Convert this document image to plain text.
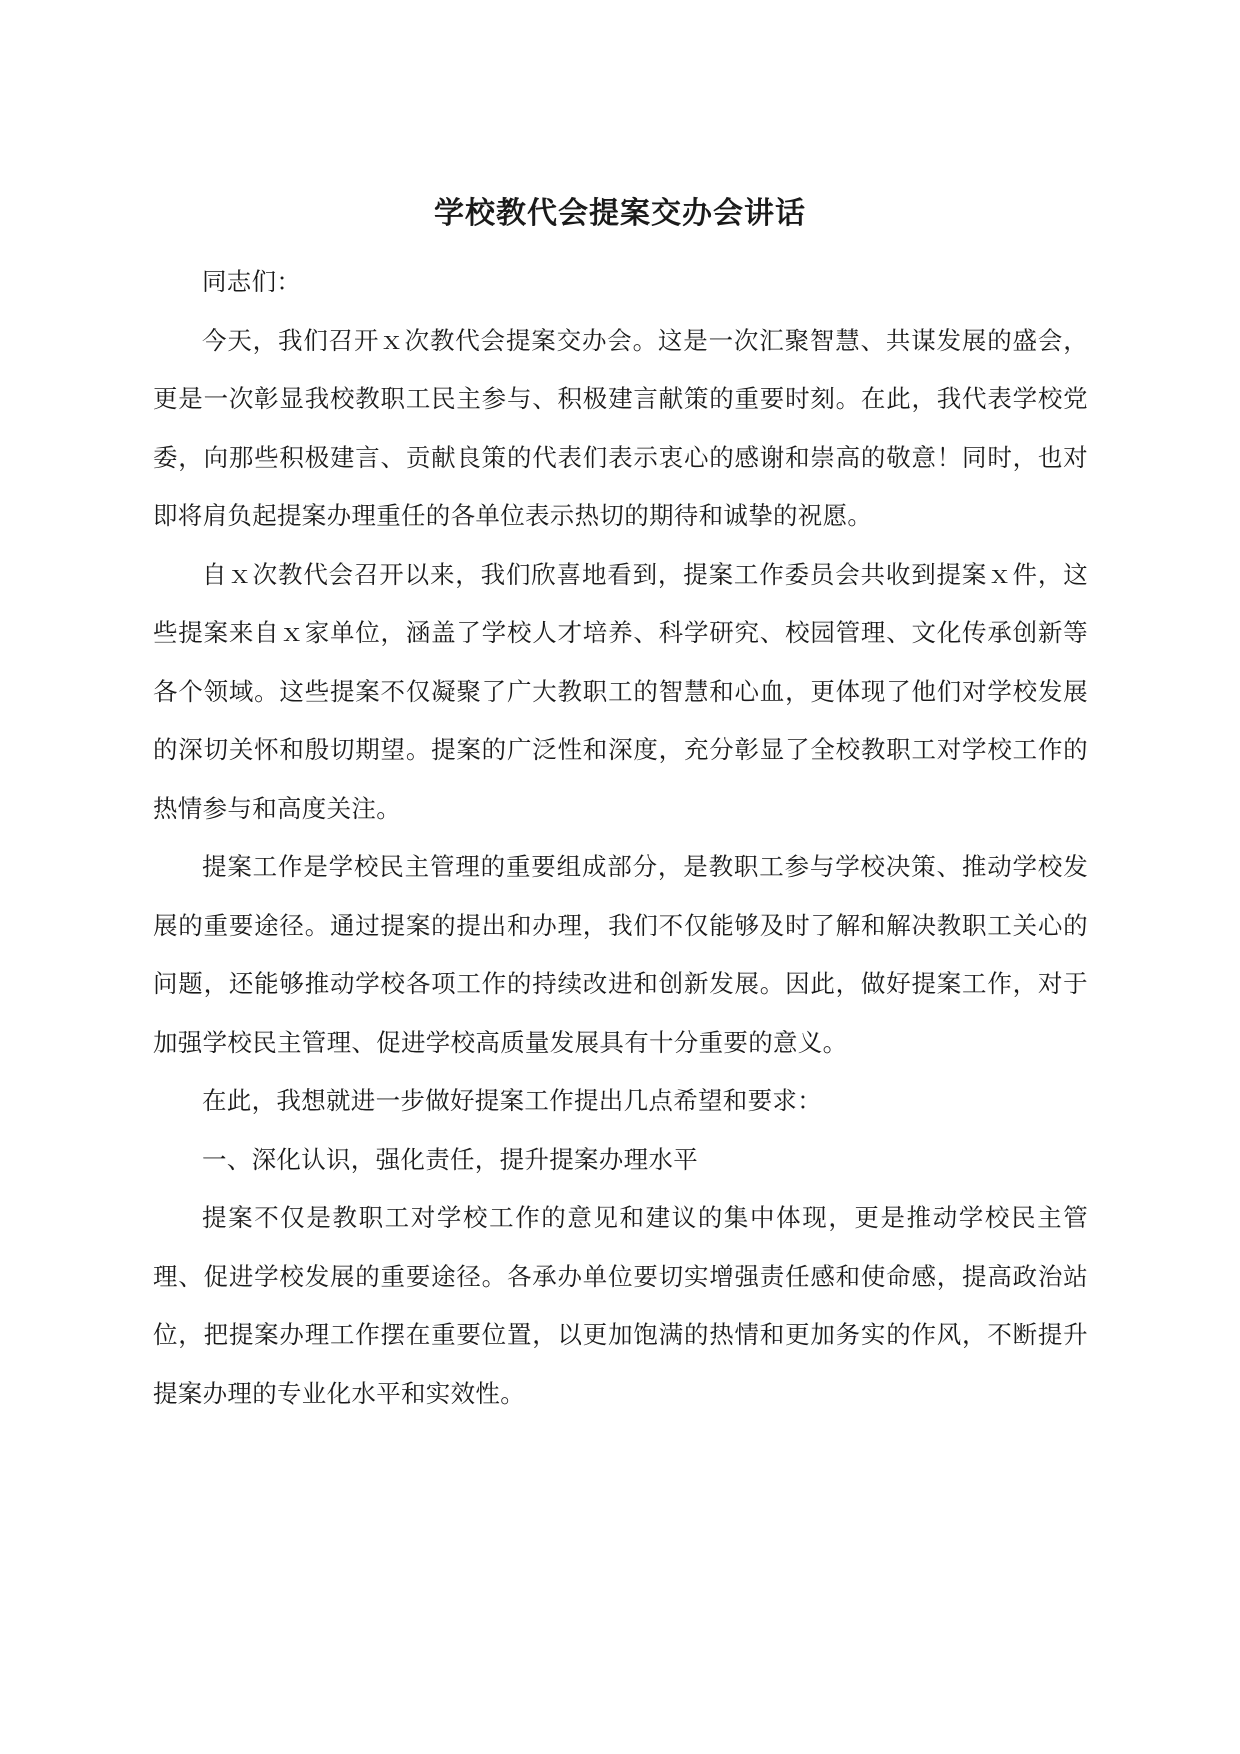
学校教代会提案交办会讲话

同志们：

今天，我们召开ｘ次教代会提案交办会。这是一次汇聚智慧、共谋发展的盛会，更是一次彰显我校教职工民主参与、积极建言献策的重要时刻。在此，我代表学校党委，向那些积极建言、贡献良策的代表们表示衷心的感谢和崇高的敬意！同时，也对即将肩负起提案办理重任的各单位表示热切的期待和诚挚的祝愿。

自ｘ次教代会召开以来，我们欣喜地看到，提案工作委员会共收到提案ｘ件，这些提案来自ｘ家单位，涵盖了学校人才培养、科学研究、校园管理、文化传承创新等各个领域。这些提案不仅凝聚了广大教职工的智慧和心血，更体现了他们对学校发展的深切关怀和殷切期望。提案的广泛性和深度，充分彰显了全校教职工对学校工作的热情参与和高度关注。

提案工作是学校民主管理的重要组成部分，是教职工参与学校决策、推动学校发展的重要途径。通过提案的提出和办理，我们不仅能够及时了解和解决教职工关心的问题，还能够推动学校各项工作的持续改进和创新发展。因此，做好提案工作，对于加强学校民主管理、促进学校高质量发展具有十分重要的意义。

在此，我想就进一步做好提案工作提出几点希望和要求：

一、深化认识，强化责任，提升提案办理水平

提案不仅是教职工对学校工作的意见和建议的集中体现，更是推动学校民主管理、促进学校发展的重要途径。各承办单位要切实增强责任感和使命感，提高政治站位，把提案办理工作摆在重要位置，以更加饱满的热情和更加务实的作风，不断提升提案办理的专业化水平和实效性。
